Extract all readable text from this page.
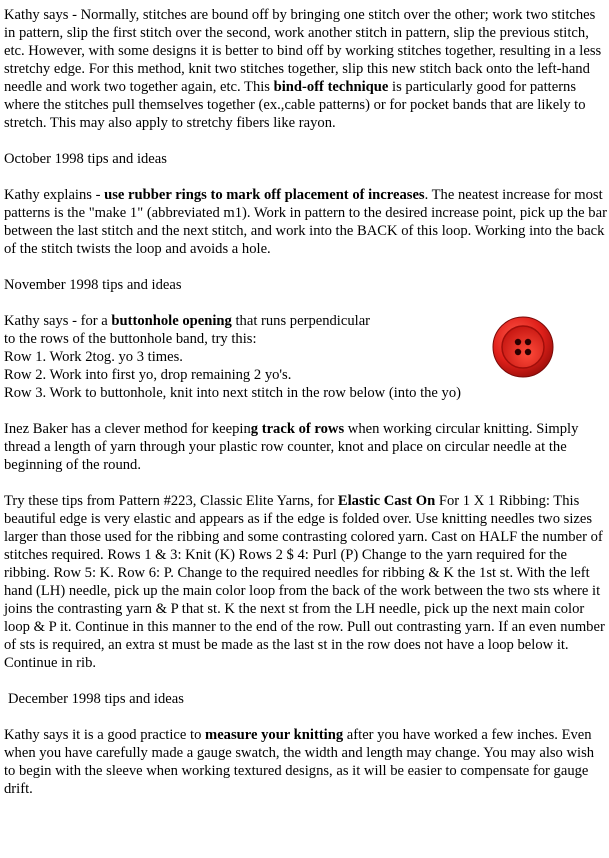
Kathy says - Normally, stitches are bound off by bringing one stitch over the other; work two stitches in pattern, slip the first stitch over the second, work another stitch in pattern, slip the previous stitch, etc. However, with some designs it is better to bind off by working stitches together, resulting in a less stretchy edge. For this method, knit two stitches together, slip this new stitch back onto the left-hand needle and work two together again, etc. This bind-off technique is particularly good for patterns where the stitches pull themselves together (ex.,cable patterns) or for pocket bands that are likely to stretch. This may also apply to stretchy fibers like rayon.

October 1998 tips and ideas

Kathy explains - use rubber rings to mark off placement of increases. The neatest increase for most patterns is the "make 1" (abbreviated m1). Work in pattern to the desired increase point, pick up the bar between the last stitch and the next stitch, and work into the BACK of this loop. Working into the back of the stitch twists the loop and avoids a hole.

November 1998 tips and ideas

Kathy says - for a buttonhole opening that runs perpendicular
to the rows of the buttonhole band, try this:
Row 1. Work 2tog. yo 3 times.
Row 2. Work into first yo, drop remaining 2 yo's.
Row 3. Work to buttonhole, knit into next stitch in the row below (into the yo)

Inez Baker has a clever method for keeping track of rows when working circular knitting. Simply thread a length of yarn through your plastic row counter, knot and place on circular needle at the beginning of the round.

Try these tips from Pattern #223, Classic Elite Yarns, for Elastic Cast On For 1 X 1 Ribbing: This beautiful edge is very elastic and appears as if the edge is folded over. Use knitting needles two sizes larger than those used for the ribbing and some contrasting colored yarn. Cast on HALF the number of stitches required. Rows 1 & 3: Knit (K) Rows 2 $ 4: Purl (P) Change to the yarn required for the ribbing. Row 5: K. Row 6: P. Change to the required needles for ribbing & K the 1st st. With the left hand (LH) needle, pick up the main color loop from the back of the work between the two sts where it joins the contrasting yarn & P that st. K the next st from the LH needle, pick up the next main color loop & P it. Continue in this manner to the end of the row. Pull out contrasting yarn. If an even number of sts is required, an extra st must be made as the last st in the row does not have a loop below it. Continue in rib.

December 1998 tips and ideas

Kathy says it is a good practice to measure your knitting after you have worked a few inches. Even when you have carefully made a gauge swatch, the width and length may change. You may also wish to begin with the sleeve when working textured designs, as it will be easier to compensate for gauge drift.
